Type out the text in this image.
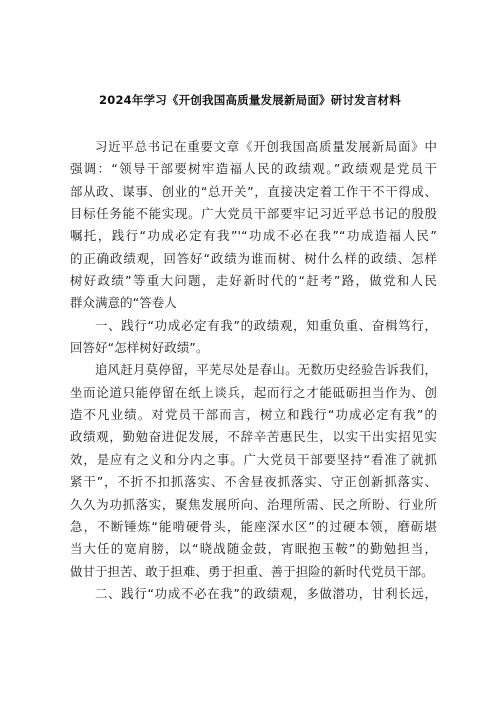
2024年学习《开创我国高质量发展新局面》研讨发言材料
习近平总书记在重要文章《开创我国高质量发展新局面》中
强调：“领导干部要树牢造福人民的政绩观。”政绩观是党员干
部从政、谋事、创业的“总开关”，直接决定着工作干不干得成、
目标任务能不能实现。广大党员干部要牢记习近平总书记的殷殷
嘱托，践行“功成必定有我”'“功成不必在我”“功成造福人民”
的正确政绩观，回答好“政绩为谁而树、树什么样的政绩、怎样
树好政绩”等重大问题，走好新时代的“赶考”路，做党和人民
群众满意的“答卷人
一、践行“功成必定有我”的政绩观，知重负重、奋楫笃行，
回答好“怎样树好政绩”。
追风赶月莫停留，平芜尽处是春山。无数历史经验告诉我们，
坐而论道只能停留在纸上谈兵，起而行之才能砥砺担当作为、创
造不凡业绩。对党员干部而言，树立和践行“功成必定有我”的
政绩观，勤勉奋进促发展，不辞辛苦惠民生，以实干出实招见实
效，是应有之义和分内之事。广大党员干部要坚持“看准了就抓
紧干”，不折不扣抓落实、不舍昼夜抓落实、守正创新抓落实、
久久为功抓落实，聚焦发展所向、治理所需、民之所盼、行业所
急，不断锤炼“能啃硬骨头，能座深水区”的过硬本领，磨砺堪
当大任的宽肩膀，以“晓战随金鼓，宵眠抱玉鞍”的勤勉担当，
做甘于担苦、敢于担难、勇于担重、善于担险的新时代党员干部。
二、践行“功成不必在我”的政绩观，多做潜功，甘利长远，
